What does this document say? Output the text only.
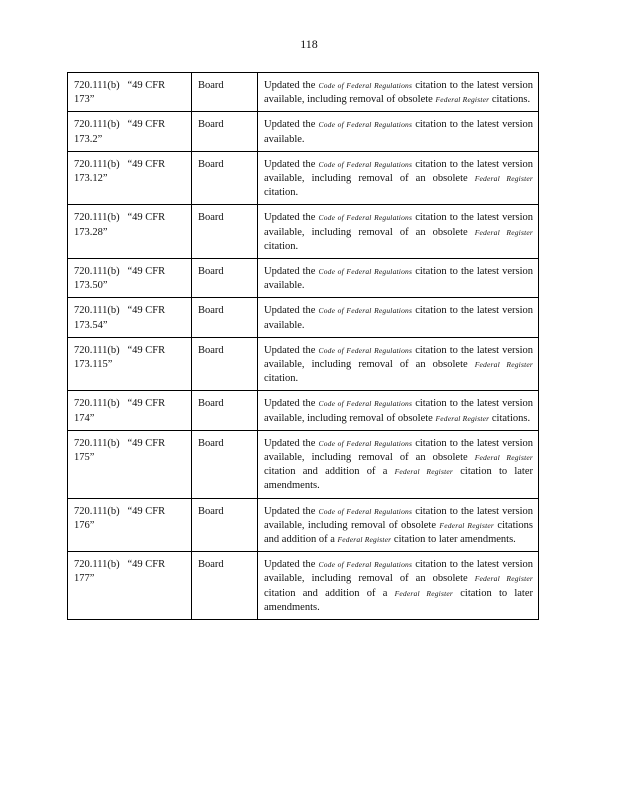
118
720.111(b) “49 CFR 173”	Board	Updated the Code of Federal Regulations citation to the latest version available, including removal of obsolete Federal Register citations.
720.111(b) “49 CFR 173.2”	Board	Updated the Code of Federal Regulations citation to the latest version available.
720.111(b) “49 CFR 173.12”	Board	Updated the Code of Federal Regulations citation to the latest version available, including removal of an obsolete Federal Register citation.
720.111(b) “49 CFR 173.28”	Board	Updated the Code of Federal Regulations citation to the latest version available, including removal of an obsolete Federal Register citation.
720.111(b) “49 CFR 173.50”	Board	Updated the Code of Federal Regulations citation to the latest version available.
720.111(b) “49 CFR 173.54”	Board	Updated the Code of Federal Regulations citation to the latest version available.
720.111(b) “49 CFR 173.115”	Board	Updated the Code of Federal Regulations citation to the latest version available, including removal of an obsolete Federal Register citation.
720.111(b) “49 CFR 174”	Board	Updated the Code of Federal Regulations citation to the latest version available, including removal of obsolete Federal Register citations.
720.111(b) “49 CFR 175”	Board	Updated the Code of Federal Regulations citation to the latest version available, including removal of an obsolete Federal Register citation and addition of a Federal Register citation to later amendments.
720.111(b) “49 CFR 176”	Board	Updated the Code of Federal Regulations citation to the latest version available, including removal of obsolete Federal Register citations and addition of a Federal Register citation to later amendments.
720.111(b) “49 CFR 177”	Board	Updated the Code of Federal Regulations citation to the latest version available, including removal of an obsolete Federal Register citation and addition of a Federal Register citation to later amendments.
